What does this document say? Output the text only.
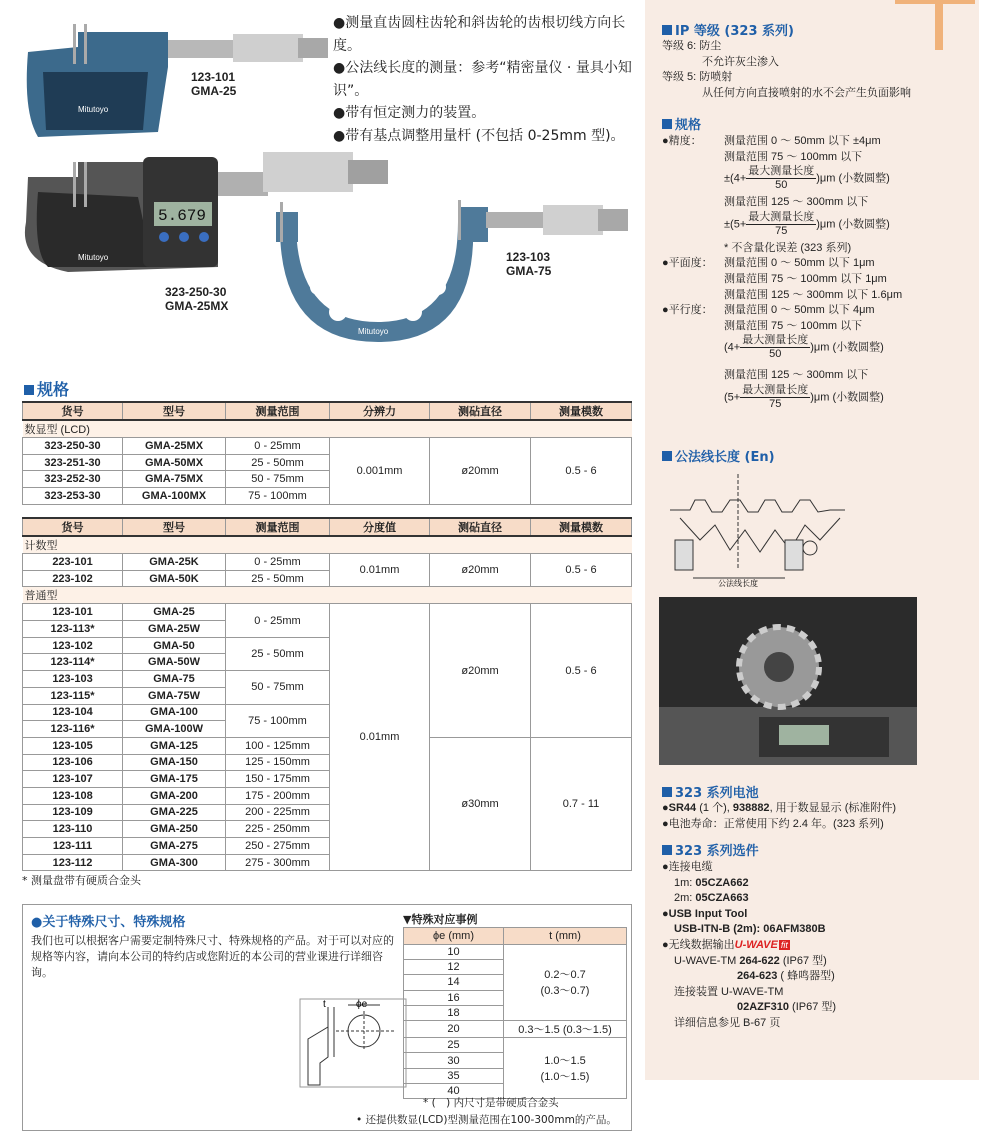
●测量直齿圆柱齿轮和斜齿轮的齿根切线方向长度。
●公法线长度的测量：参考“精密量仪 · 量具小知识”。
●带有恒定测力的装置。
●带有基点调整用量杆 (不包括 0-25mm 型)。
Mitutoyo
5.679
Mitutoyo
Mitutoyo
123-101
GMA-25
323-250-30
GMA-25MX
123-103
GMA-75
规格
货号	型号	测量范围	分辨力	测砧直径	测量模数
数显型 (LCD)					
323-250-30	GMA-25MX	0 - 25mm	0.001mm	ø20mm	0.5 - 6
323-251-30	GMA-50MX	25 - 50mm			
323-252-30	GMA-75MX	50 - 75mm			
323-253-30	GMA-100MX	75 - 100mm			
货号	型号	测量范围	分度值	测砧直径	测量模数
计数型					
223-101	GMA-25K	0 - 25mm	0.01mm	ø20mm	0.5 - 6
223-102	GMA-50K	25 - 50mm			
普通型					
123-101	GMA-25	0 - 25mm	0.01mm	ø20mm	0.5 - 6
123-113*	GMA-25W				
123-102	GMA-50	25 - 50mm			
123-114*	GMA-50W				
123-103	GMA-75	50 - 75mm			
123-115*	GMA-75W				
123-104	GMA-100	75 - 100mm			
123-116*	GMA-100W				
123-105	GMA-125	100 - 125mm		ø30mm	0.7 - 11
123-106	GMA-150	125 - 150mm			
123-107	GMA-175	150 - 175mm			
123-108	GMA-200	175 - 200mm			
123-109	GMA-225	200 - 225mm			
123-110	GMA-250	225 - 250mm			
123-111	GMA-275	250 - 275mm			
123-112	GMA-300	275 - 300mm			
* 测量盘带有硬质合金头
●关于特殊尺寸、特殊规格
我们也可以根据客户需要定制特殊尺寸、特殊规格的产品。对于可以对应的规格等内容，请向本公司的特约店或您附近的本公司的营业课进行详细咨询。
t	ϕe
▼特殊对应事例
ϕe (mm)	t (mm)
10	0.2～0.7
(0.3～0.7)

12	
14	
16	
18	
20	0.3～1.5 (0.3～1.5)
25	1.0～1.5
(1.0～1.5)

30	
35	
40	
* (　) 内尺寸是带硬质合金头
• 还提供数显(LCD)型测量范围在100-300mm的产品。
IP 等级 (323 系列)
等级 6: 防尘
不允许灰尘渗入
等级 5: 防喷射
从任何方向直接喷射的水不会产生负面影响
规格
●精度： 测量范围 0 ～ 50mm 以下 ±4μm
测量范围 75 ～ 100mm 以下
$\pm(4+ \frac{\text{最大测量长度}}{50})\mu m$ (小数圆整)
测量范围 125 ～ 300mm 以下
$\pm(5+ \frac{\text{最大测量长度}}{75})\mu m$ (小数圆整)
* 不含量化误差 (323 系列)
●平面度： 测量范围 0 ～ 50mm 以下 1μm
测量范围 75 ～ 100mm 以下 1μm
测量范围 125 ～ 300mm 以下 1.6μm
●平行度： 测量范围 0 ～ 50mm 以下 4μm
测量范围 75 ～ 100mm 以下
$(4+ \frac{\text{最大测量长度}}{50})\mu m$ (小数圆整)
测量范围 125 ～ 300mm 以下
$(5+ \frac{\text{最大测量长度}}{75})\mu m$ (小数圆整)
公法线长度 (En)
公法线长度
323 系列电池
●SR44 (1 个), 938882, 用于数显显示 (标准附件)
●电池寿命：正常使用下约 2.4 年。(323 系列)
323 系列选件
●连接电缆
1m: 05CZA662
2m: 05CZA663
●USB Input Tool
USB-ITN-B (2m): 06AFM380B
●无线数据输出U-WAVE fit
U-WAVE-TM 264-622 (IP67 型)
264-623 ( 蜂鸣器型)
连接装置 U-WAVE-TM
02AZF310 (IP67 型)
详细信息参见 B-67 页
